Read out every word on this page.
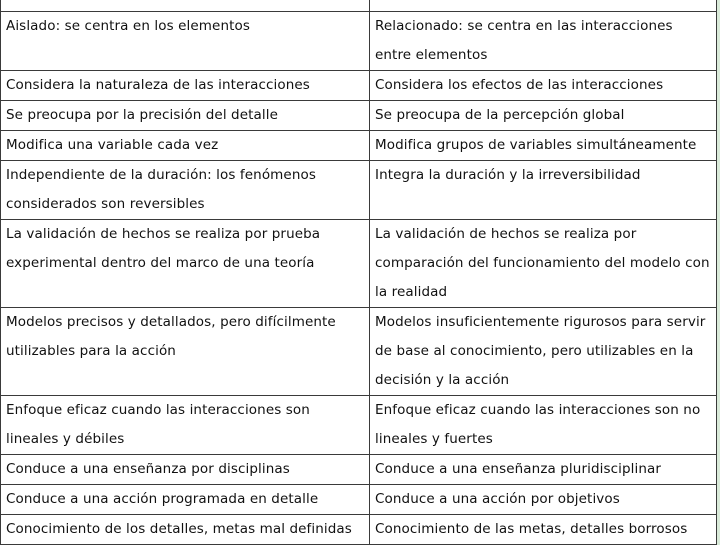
Aislado: se centra en los elementos	Relacionado: se centra en las interacciones entre elementos
Considera la naturaleza de las interacciones	Considera los efectos de las interacciones
Se preocupa por la precisión del detalle	Se preocupa de la percepción global
Modifica una variable cada vez	Modifica grupos de variables simultáneamente
Independiente de la duración: los fenómenos considerados son reversibles	Integra la duración y la irreversibilidad
La validación de hechos se realiza por prueba experimental dentro del marco de una teoría	La validación de hechos se realiza por comparación del funcionamiento del modelo con la realidad
Modelos precisos y detallados, pero difícilmente utilizables para la acción	Modelos insuficientemente rigurosos para servir de base al conocimiento, pero utilizables en la decisión y la acción
Enfoque eficaz cuando las interacciones son lineales y débiles	Enfoque eficaz cuando las interacciones son no lineales y fuertes
Conduce a una enseñanza por disciplinas	Conduce a una enseñanza pluridisciplinar
Conduce a una acción programada en detalle	Conduce a una acción por objetivos
Conocimiento de los detalles, metas mal definidas	Conocimiento de las metas, detalles borrosos
